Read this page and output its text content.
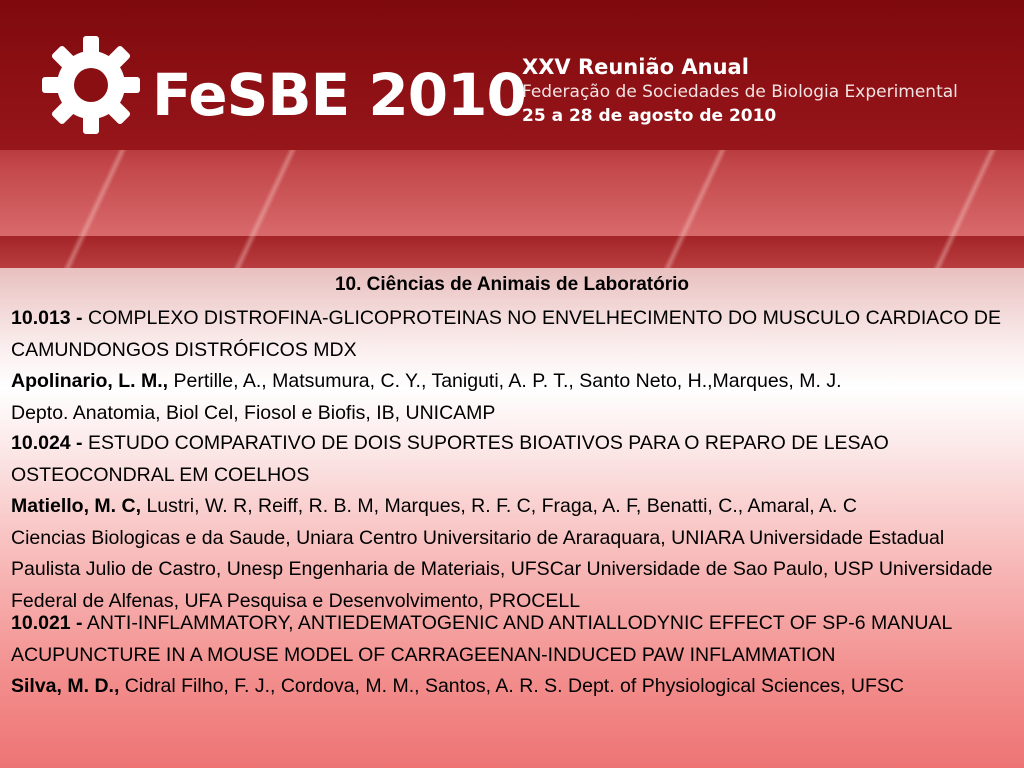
FeSBE 2010
XXV Reunião Anual
Federação de Sociedades de Biologia Experimental
25 a 28 de agosto de 2010
10. Ciências de Animais de Laboratório

10.013 - COMPLEXO DISTROFINA-GLICOPROTEINAS NO ENVELHECIMENTO DO MUSCULO CARDIACO DE CAMUNDONGOS DISTRÓFICOS MDX

Apolinario, L. M., Pertille, A., Matsumura, C. Y., Taniguti, A. P. T., Santo Neto, H.,Marques, M. J.

Depto. Anatomia, Biol Cel, Fiosol e Biofis, IB, UNICAMP

10.024 - ESTUDO COMPARATIVO DE DOIS SUPORTES BIOATIVOS PARA O REPARO DE LESAO OSTEOCONDRAL EM COELHOS

Matiello, M. C, Lustri, W. R, Reiff, R. B. M, Marques, R. F. C, Fraga, A. F, Benatti, C., Amaral, A. C

Ciencias Biologicas e da Saude, Uniara Centro Universitario de Araraquara, UNIARA Universidade Estadual Paulista Julio de Castro, Unesp Engenharia de Materiais, UFSCar Universidade de Sao Paulo, USP Universidade Federal de Alfenas, UFA Pesquisa e Desenvolvimento, PROCELL

10.021 - ANTI-INFLAMMATORY, ANTIEDEMATOGENIC AND ANTIALLODYNIC EFFECT OF SP-6 MANUAL ACUPUNCTURE IN A MOUSE MODEL OF CARRAGEENAN-INDUCED PAW INFLAMMATION

Silva, M. D., Cidral Filho, F. J., Cordova, M. M., Santos, A. R. S. Dept. of Physiological Sciences, UFSC
